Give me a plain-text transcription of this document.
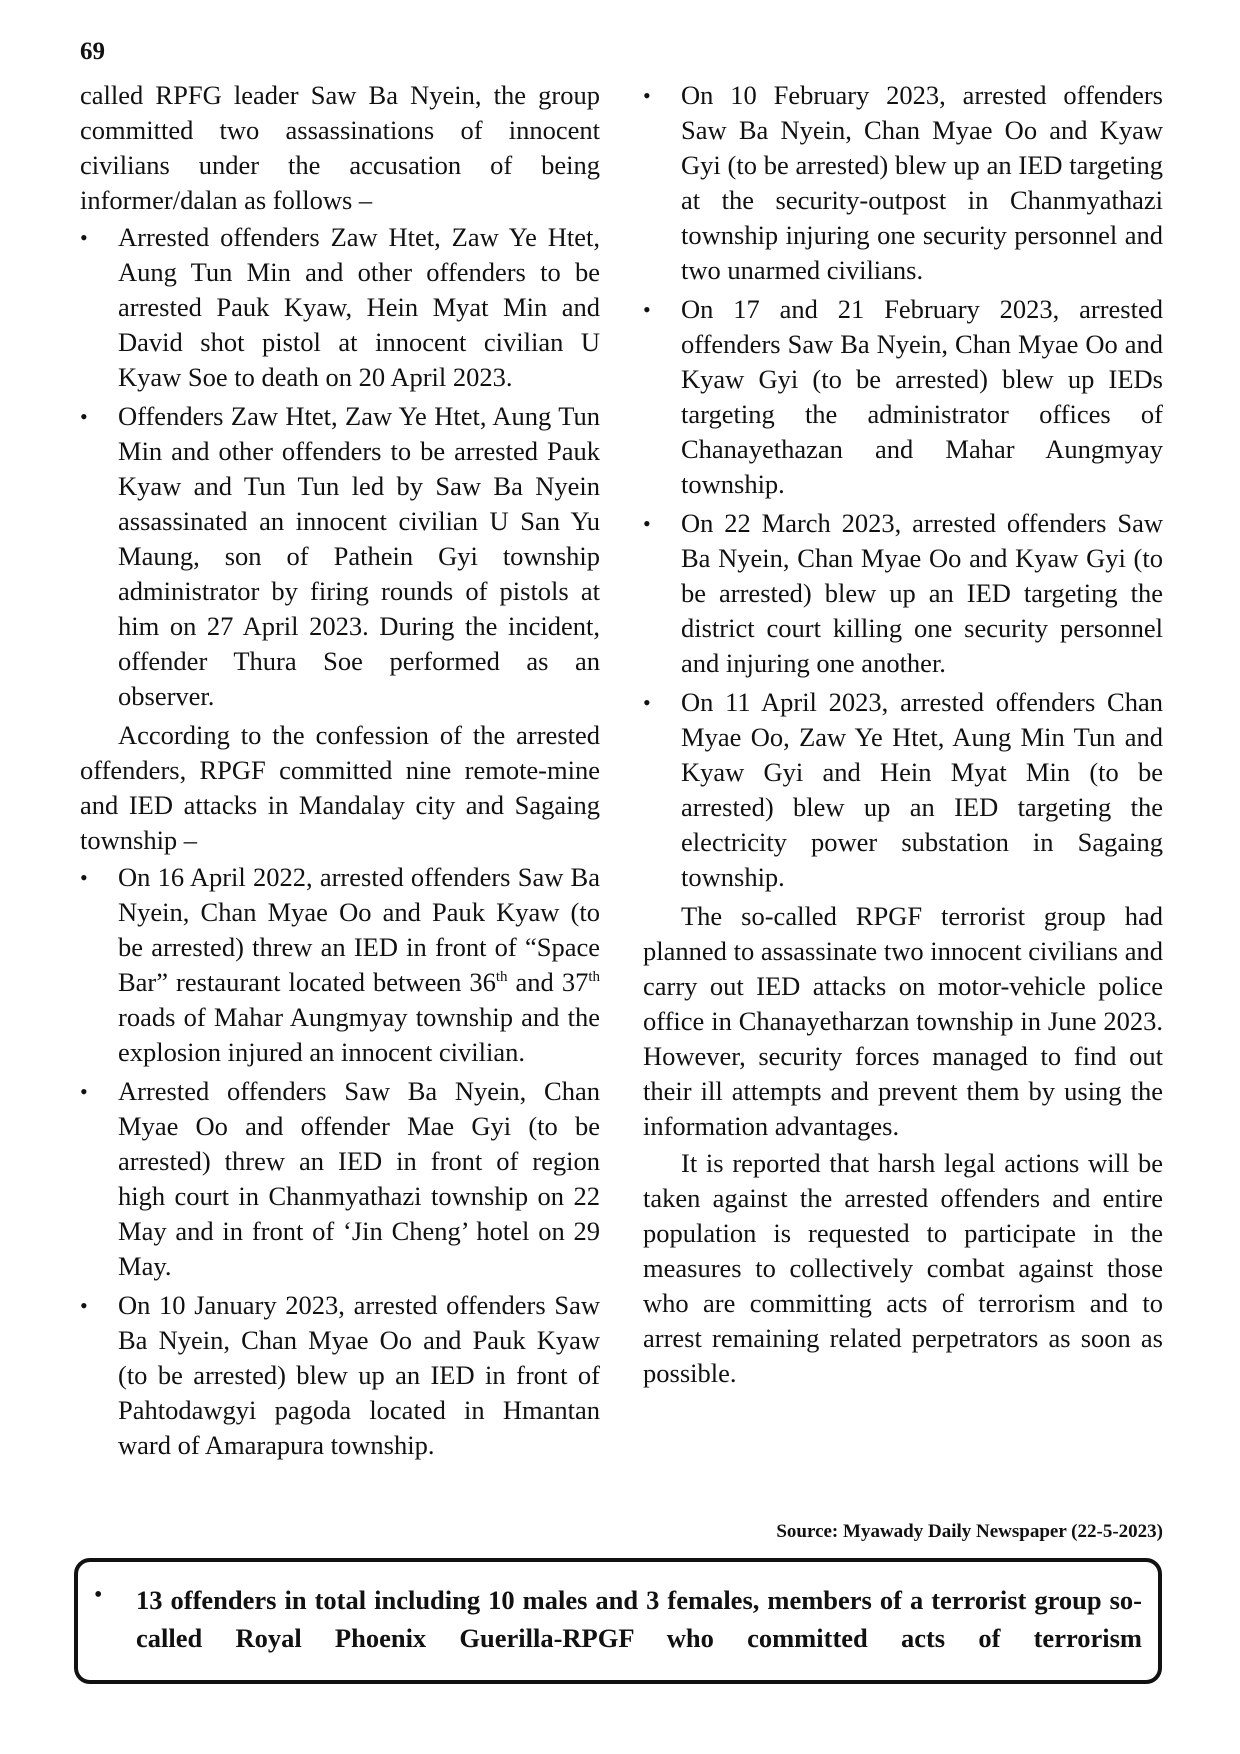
69

called RPFG leader Saw Ba Nyein, the group committed two assassinations of innocent civilians under the accusation of being informer/dalan as follows –

• Arrested offenders Zaw Htet, Zaw Ye Htet, Aung Tun Min and other offenders to be arrested Pauk Kyaw, Hein Myat Min and David shot pistol at innocent civilian U Kyaw Soe to death on 20 April 2023.
• Offenders Zaw Htet, Zaw Ye Htet, Aung Tun Min and other offenders to be arrested Pauk Kyaw and Tun Tun led by Saw Ba Nyein assassinated an innocent civilian U San Yu Maung, son of Pathein Gyi township administrator by firing rounds of pistols at him on 27 April 2023. During the incident, offender Thura Soe performed as an observer.

According to the confession of the arrested offenders, RPGF committed nine remote-mine and IED attacks in Mandalay city and Sagaing township –

• On 16 April 2022, arrested offenders Saw Ba Nyein, Chan Myae Oo and Pauk Kyaw (to be arrested) threw an IED in front of “Space Bar” restaurant located between 36th and 37th roads of Mahar Aungmyay township and the explosion injured an innocent civilian.
• Arrested offenders Saw Ba Nyein, Chan Myae Oo and offender Mae Gyi (to be arrested) threw an IED in front of region high court in Chanmyathazi township on 22 May and in front of ‘Jin Cheng’ hotel on 29 May.
• On 10 January 2023, arrested offenders Saw Ba Nyein, Chan Myae Oo and Pauk Kyaw (to be arrested) blew up an IED in front of Pahtodawgyi pagoda located in Hmantan ward of Amarapura township.
• On 10 February 2023, arrested offenders Saw Ba Nyein, Chan Myae Oo and Kyaw Gyi (to be arrested) blew up an IED targeting at the security-outpost in Chanmyathazi township injuring one security personnel and two unarmed civilians.
• On 17 and 21 February 2023, arrested offenders Saw Ba Nyein, Chan Myae Oo and Kyaw Gyi (to be arrested) blew up IEDs targeting the administrator offices of Chanayethazan and Mahar Aungmyay township.
• On 22 March 2023, arrested offenders Saw Ba Nyein, Chan Myae Oo and Kyaw Gyi (to be arrested) blew up an IED targeting the district court killing one security personnel and injuring one another.
• On 11 April 2023, arrested offenders Chan Myae Oo, Zaw Ye Htet, Aung Min Tun and Kyaw Gyi and Hein Myat Min (to be arrested) blew up an IED targeting the electricity power substation in Sagaing township.

The so-called RPGF terrorist group had planned to assassinate two innocent civilians and carry out IED attacks on motor-vehicle police office in Chanayetharzan township in June 2023. However, security forces managed to find out their ill attempts and prevent them by using the information advantages.

It is reported that harsh legal actions will be taken against the arrested offenders and entire population is requested to participate in the measures to collectively combat against those who are committing acts of terrorism and to arrest remaining related perpetrators as soon as possible.

Source: Myawady Daily Newspaper (22-5-2023)
• 13 offenders in total including 10 males and 3 females, members of a terrorist group so-called Royal Phoenix Guerilla-RPGF who committed acts of terrorism
